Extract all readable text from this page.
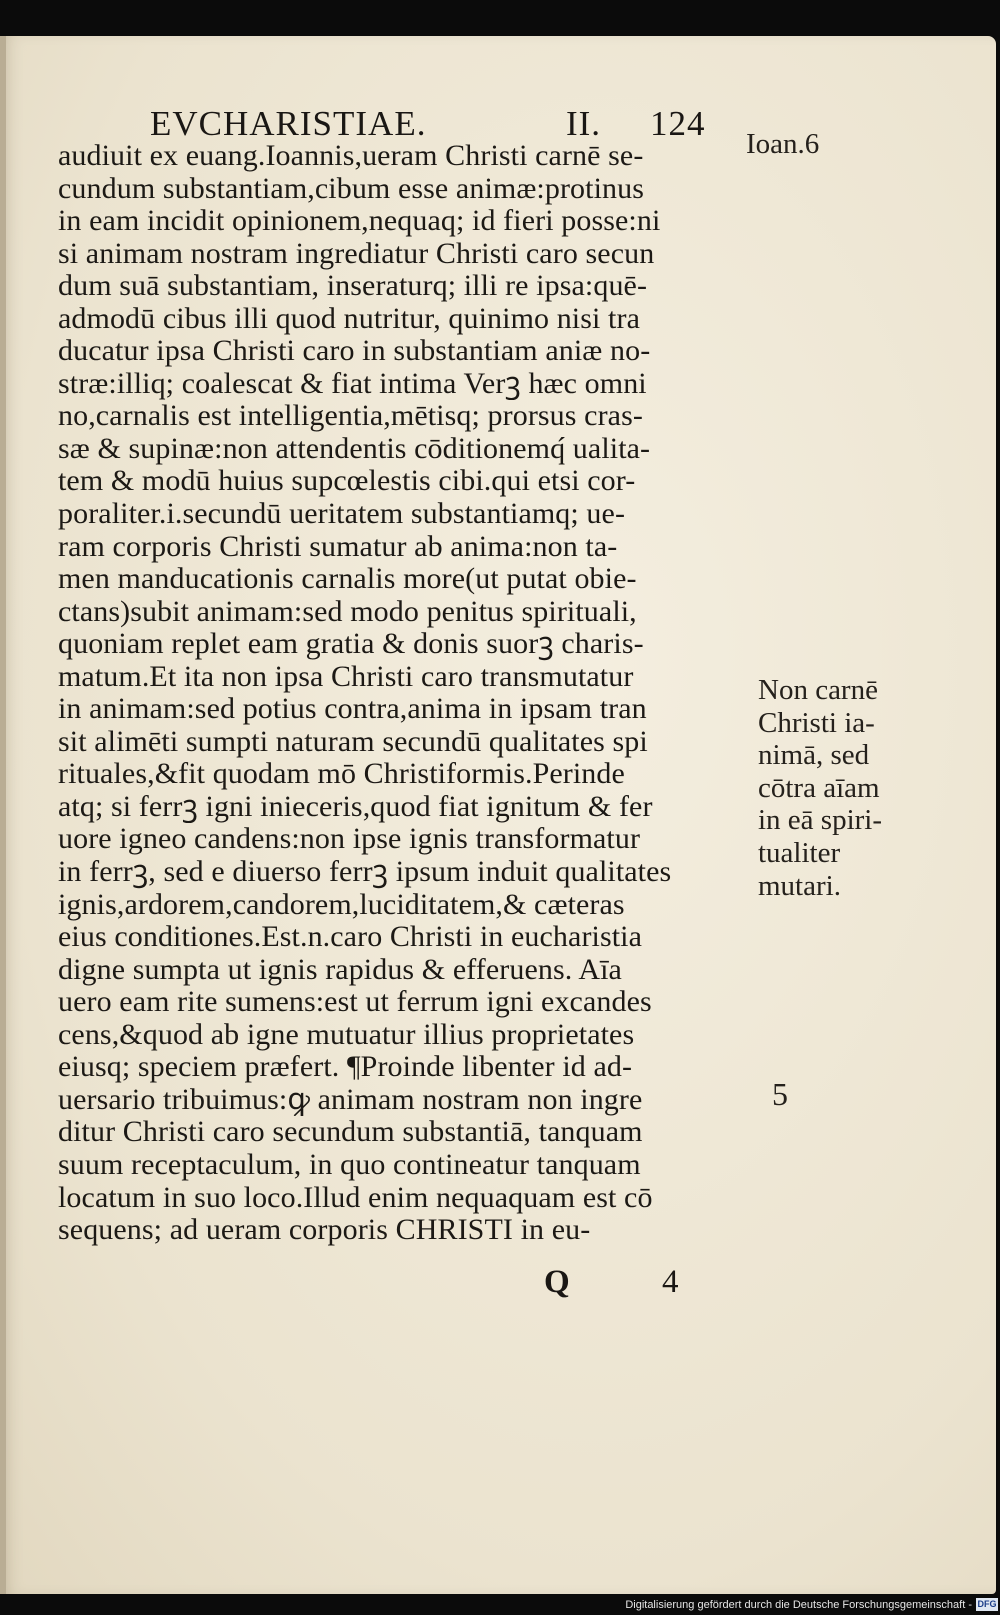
EVCHARISTIAE.	II. 124
Ioan.6
audiuit ex euang.Ioannis,ueram Christi carnē se-
cundum substantiam,cibum esse animæ:protinus
in eam incidit opinionem,nequaq; id fieri posse:ni
si animam nostram ingrediatur Christi caro secun
dum suā substantiam, inseraturq; illi re ipsa:quē-
admodū cibus illi quod nutritur, quinimo nisi tra
ducatur ipsa Christi caro in substantiam aniæ no-
stræ:illiq; coalescat & fiat intima Verꝫ hæc omni
no,carnalis est intelligentia,mētisq; prorsus cras-
sæ & supinæ:non attendentis cōditionemq́ ualita-
tem & modū huius supcœlestis cibi.qui etsi cor-
poraliter.i.secundū ueritatem substantiamq; ue-
ram corporis Christi sumatur ab anima:non ta-
men manducationis carnalis more(ut putat obie-
ctans)subit animam:sed modo penitus spirituali,
quoniam replet eam gratia & donis suorꝫ charis-
matum.Et ita non ipsa Christi caro transmutatur
in animam:sed potius contra,anima in ipsam tran
sit alimēti sumpti naturam secundū qualitates spi
rituales,&fit quodam mō Christiformis.Perinde
atq; si ferrꝫ igni inieceris,quod fiat ignitum & fer
uore igneo candens:non ipse ignis transformatur
in ferrꝫ, sed e diuerso ferrꝫ ipsum induit qualitates
ignis,ardorem,candorem,luciditatem,& cæteras
eius conditiones.Est.n.caro Christi in eucharistia
digne sumpta ut ignis rapidus & efferuens. Aīa
uero eam rite sumens:est ut ferrum igni excandes
cens,&quod ab igne mutuatur illius proprietates
eiusq; speciem præfert. ¶Proinde libenter id ad-
uersario tribuimus:ꝙ animam nostram non ingre
ditur Christi caro secundum substantiā, tanquam
suum receptaculum, in quo contineatur tanquam
locatum in suo loco.Illud enim nequaquam est cō
sequens; ad ueram corporis CHRISTI in eu-
Non carnē
Christi ia-
nimā, sed
cōtra aīam
in eā spiri-
tualiter
mutari.
5
Q	4
Digitalisierung gefördert durch die Deutsche Forschungsgemeinschaft - DFG
